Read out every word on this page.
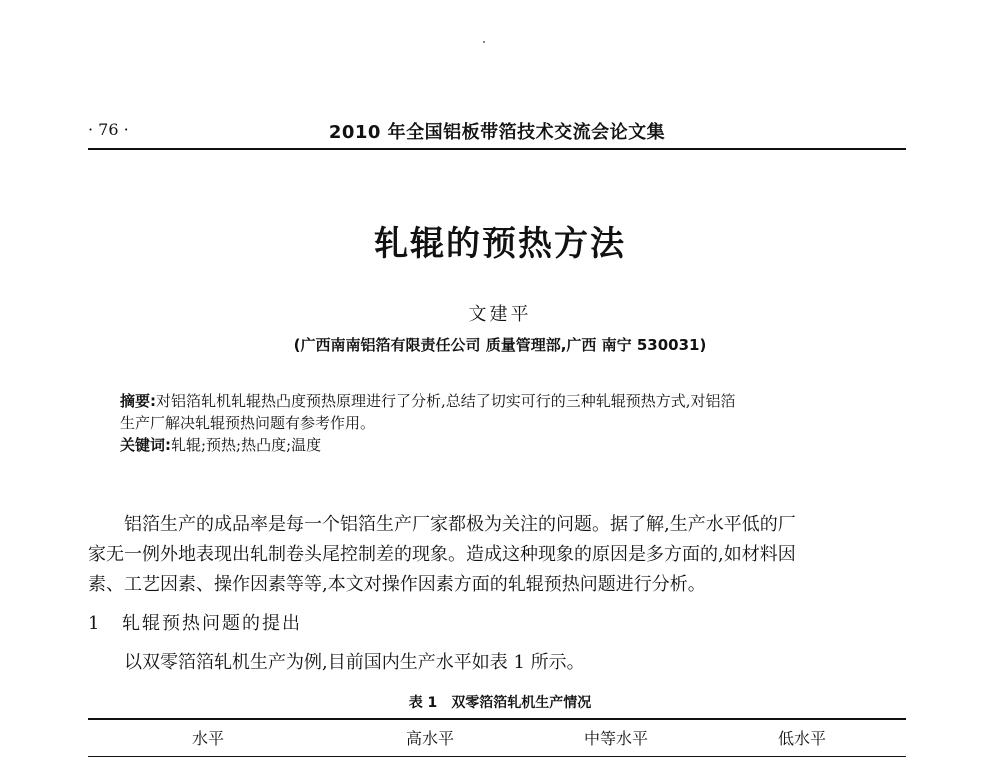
· 76 ·	2010 年全国铝板带箔技术交流会论文集
轧辊的预热方法
文建平
(广西南南铝箔有限责任公司 质量管理部,广西 南宁 530031)

摘要:对铝箔轧机轧辊热凸度预热原理进行了分析,总结了切实可行的三种轧辊预热方式,对铝箔

生产厂解决轧辊预热问题有参考作用。

关键词:轧辊;预热;热凸度;温度

铝箔生产的成品率是每一个铝箔生产厂家都极为关注的问题。据了解,生产水平低的厂

家无一例外地表现出轧制卷头尾控制差的现象。造成这种现象的原因是多方面的,如材料因

素、工艺因素、操作因素等等,本文对操作因素方面的轧辊预热问题进行分析。

1 轧辊预热问题的提出
以双零箔箔轧机生产为例,目前国内生产水平如表 1 所示。
表 1 双零箔箔轧机生产情况
水平	高水平	中等水平	低水平
